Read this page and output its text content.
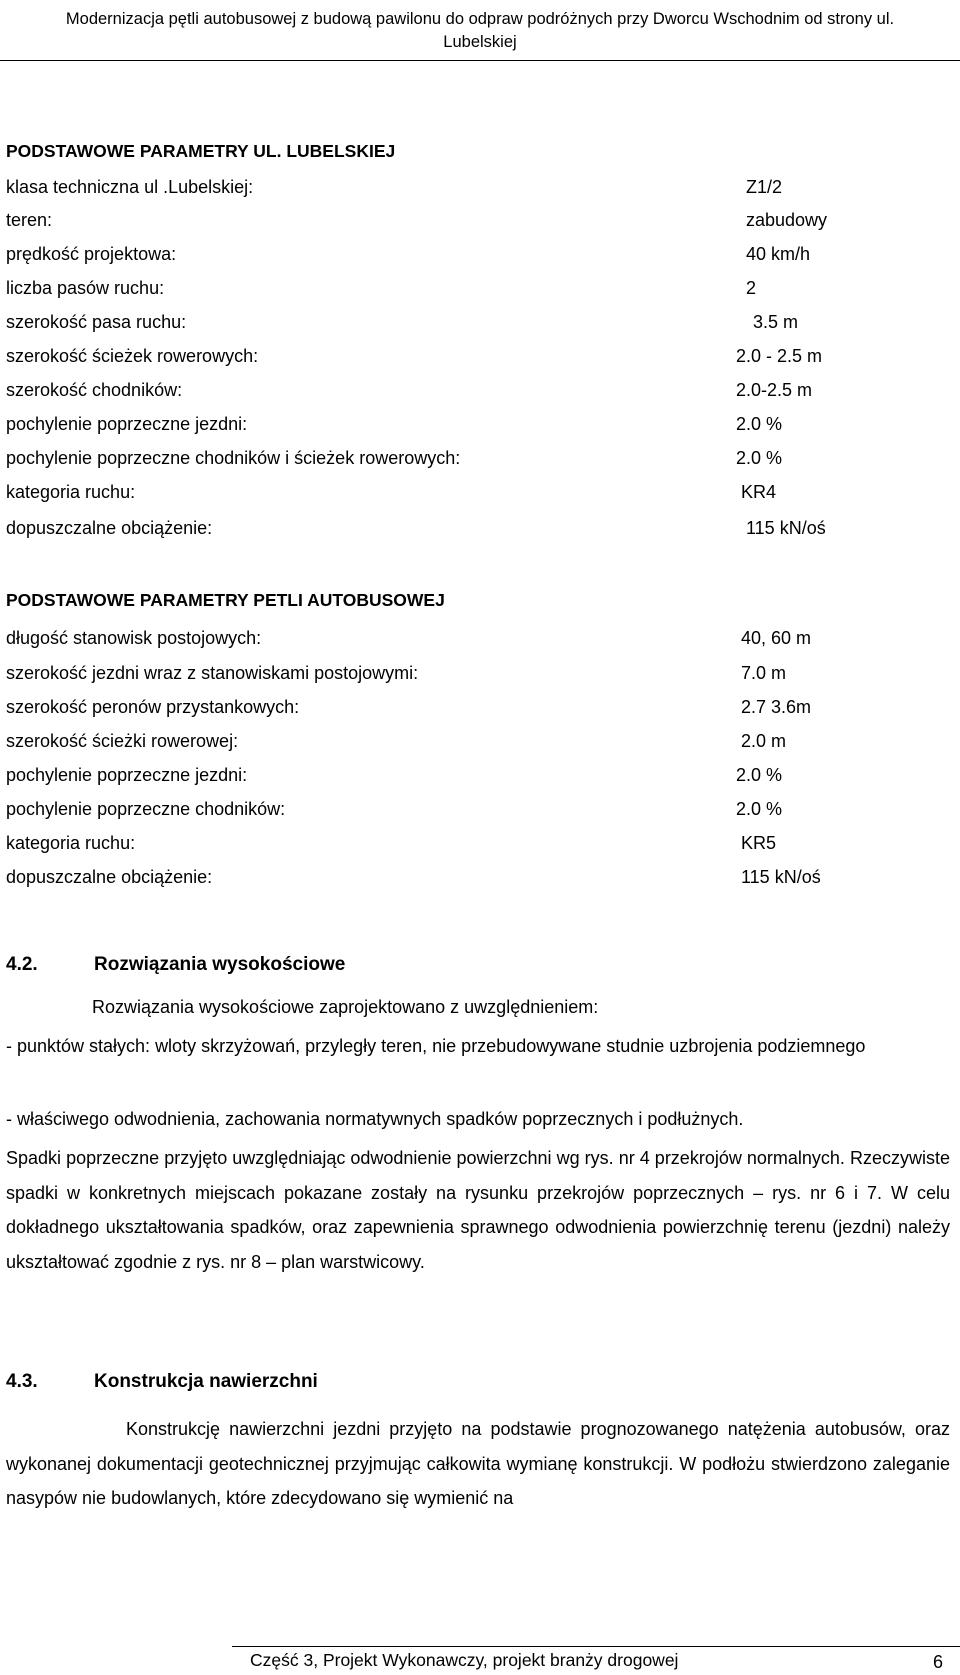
Modernizacja pętli autobusowej z budową pawilonu do odpraw podróżnych przy Dworcu Wschodnim od strony ul. Lubelskiej
PODSTAWOWE PARAMETRY UL. LUBELSKIEJ
klasa techniczna ul .Lubelskiej:	Z1/2
teren:	zabudowy
prędkość projektowa:	40 km/h
liczba pasów ruchu:	2
szerokość pasa ruchu:	3.5 m
szerokość ścieżek rowerowych:	2.0 - 2.5 m
szerokość chodników:	2.0-2.5 m
pochylenie poprzeczne jezdni:	2.0 %
pochylenie poprzeczne chodników i ścieżek rowerowych:	2.0 %
kategoria ruchu:	KR4
dopuszczalne obciążenie:	115 kN/oś
PODSTAWOWE PARAMETRY PETLI AUTOBUSOWEJ
długość stanowisk postojowych:	40, 60 m
szerokość jezdni wraz z stanowiskami postojowymi:	7.0 m
szerokość peronów przystankowych:	2.7 3.6m
szerokość ścieżki rowerowej:	2.0 m
pochylenie poprzeczne jezdni:	2.0 %
pochylenie poprzeczne chodników:	2.0 %
kategoria ruchu:	KR5
dopuszczalne obciążenie:	115 kN/oś
4.2.	Rozwiązania wysokościowe
Rozwiązania wysokościowe zaprojektowano z uwzględnieniem:
- punktów stałych: wloty skrzyżowań, przyległy teren, nie przebudowywane studnie uzbrojenia podziemnego
- właściwego odwodnienia, zachowania normatywnych spadków poprzecznych i podłużnych.
Spadki poprzeczne przyjęto uwzględniając odwodnienie powierzchni wg rys. nr 4 przekrojów normalnych. Rzeczywiste spadki w konkretnych miejscach pokazane zostały na rysunku przekrojów poprzecznych – rys. nr 6 i 7. W celu dokładnego ukształtowania spadków, oraz zapewnienia sprawnego odwodnienia powierzchnię terenu (jezdni) należy ukształtować zgodnie z rys. nr 8 – plan warstwicowy.
4.3.	Konstrukcja nawierzchni
Konstrukcję nawierzchni jezdni przyjęto na podstawie prognozowanego natężenia autobusów, oraz wykonanej dokumentacji geotechnicznej przyjmując całkowita wymianę konstrukcji. W podłożu stwierdzono zaleganie nasypów nie budowlanych, które zdecydowano się wymienić na
Część 3, Projekt Wykonawczy, projekt branży drogowej	6
